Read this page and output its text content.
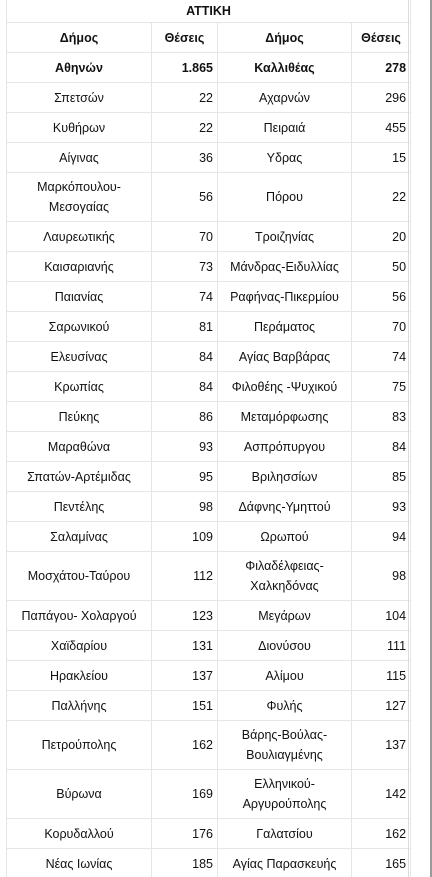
ΑΤΤΙΚΗ			
Δήμος	Θέσεις	Δήμος	Θέσεις
Αθηνών	1.865	Καλλιθέας	278
Σπετσών	22	Αχαρνών	296
Κυθήρων	22	Πειραιά	455
Αίγινας	36	Υδρας	15
Μαρκόπουλου-Μεσογαίας	56	Πόρου	22
Λαυρεωτικής	70	Τροιζηνίας	20
Καισαριανής	73	Μάνδρας-Ειδυλλίας	50
Παιανίας	74	Ραφήνας-Πικερμίου	56
Σαρωνικού	81	Περάματος	70
Ελευσίνας	84	Αγίας Βαρβάρας	74
Κρωπίας	84	Φιλοθέης -Ψυχικού	75
Πεύκης	86	Μεταμόρφωσης	83
Μαραθώνα	93	Ασπρόπυργου	84
Σπατών-Αρτέμιδας	95	Βριλησσίων	85
Πεντέλης	98	Δάφνης-Υμηττού	93
Σαλαμίνας	109	Ωρωπού	94
Μοσχάτου-Ταύρου	112	Φιλαδέλφειας-Χαλκηδόνας	98
Παπάγου- Χολαργού	123	Μεγάρων	104
Χαϊδαρίου	131	Διονύσου	111
Ηρακλείου	137	Αλίμου	115
Παλλήνης	151	Φυλής	127
Πετρούπολης	162	Βάρης-Βούλας-Βουλιαγμένης	137
Βύρωνα	169	Ελληνικού-Αργυρούπολης	142
Κορυδαλλού	176	Γαλατσίου	162
Νέας Ιωνίας	185	Αγίας Παρασκευής	165
